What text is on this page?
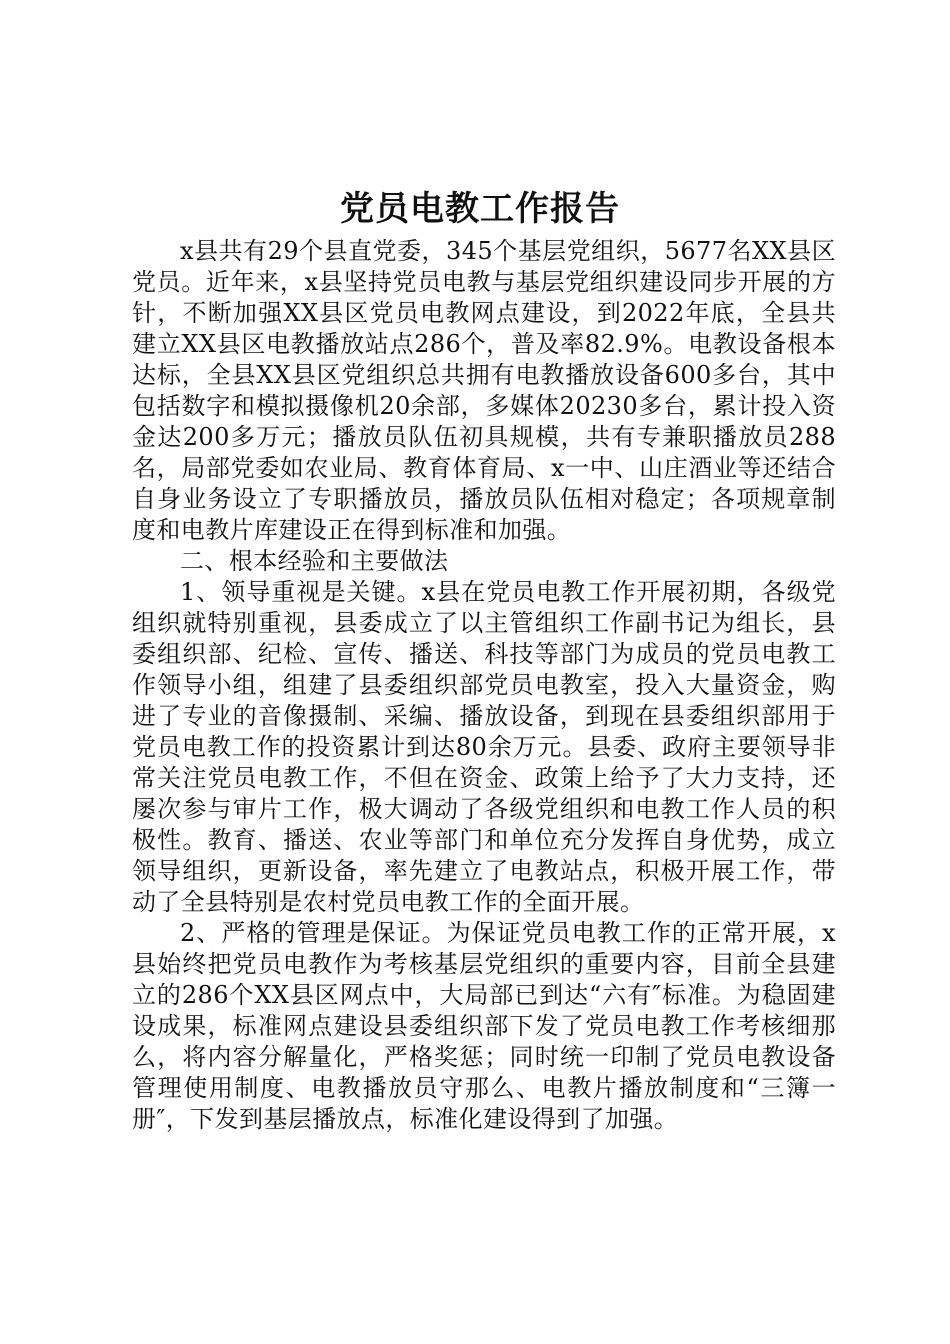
党员电教工作报告

x县共有29个县直党委，345个基层党组织，5677名XX县区党员。近年来，x县坚持党员电教与基层党组织建设同步开展的方针，不断加强XX县区党员电教网点建设，到2022年底，全县共建立XX县区电教播放站点286个，普及率82.9%。电教设备根本达标，全县XX县区党组织总共拥有电教播放设备600多台，其中包括数字和模拟摄像机20余部，多媒体20230多台，累计投入资金达200多万元；播放员队伍初具规模，共有专兼职播放员288名，局部党委如农业局、教育体育局、x一中、山庄酒业等还结合自身业务设立了专职播放员，播放员队伍相对稳定；各项规章制度和电教片库建设正在得到标准和加强。

二、根本经验和主要做法

1、领导重视是关键。x县在党员电教工作开展初期，各级党组织就特别重视，县委成立了以主管组织工作副书记为组长，县委组织部、纪检、宣传、播送、科技等部门为成员的党员电教工作领导小组，组建了县委组织部党员电教室，投入大量资金，购进了专业的音像摄制、采编、播放设备，到现在县委组织部用于党员电教工作的投资累计到达80余万元。县委、政府主要领导非常关注党员电教工作，不但在资金、政策上给予了大力支持，还屡次参与审片工作，极大调动了各级党组织和电教工作人员的积极性。教育、播送、农业等部门和单位充分发挥自身优势，成立领导组织，更新设备，率先建立了电教站点，积极开展工作，带动了全县特别是农村党员电教工作的全面开展。

2、严格的管理是保证。为保证党员电教工作的正常开展，x县始终把党员电教作为考核基层党组织的重要内容，目前全县建立的286个XX县区网点中，大局部已到达“六有″标准。为稳固建设成果，标准网点建设县委组织部下发了党员电教工作考核细那么，将内容分解量化，严格奖惩；同时统一印制了党员电教设备管理使用制度、电教播放员守那么、电教片播放制度和“三簿一册″，下发到基层播放点，标准化建设得到了加强。
